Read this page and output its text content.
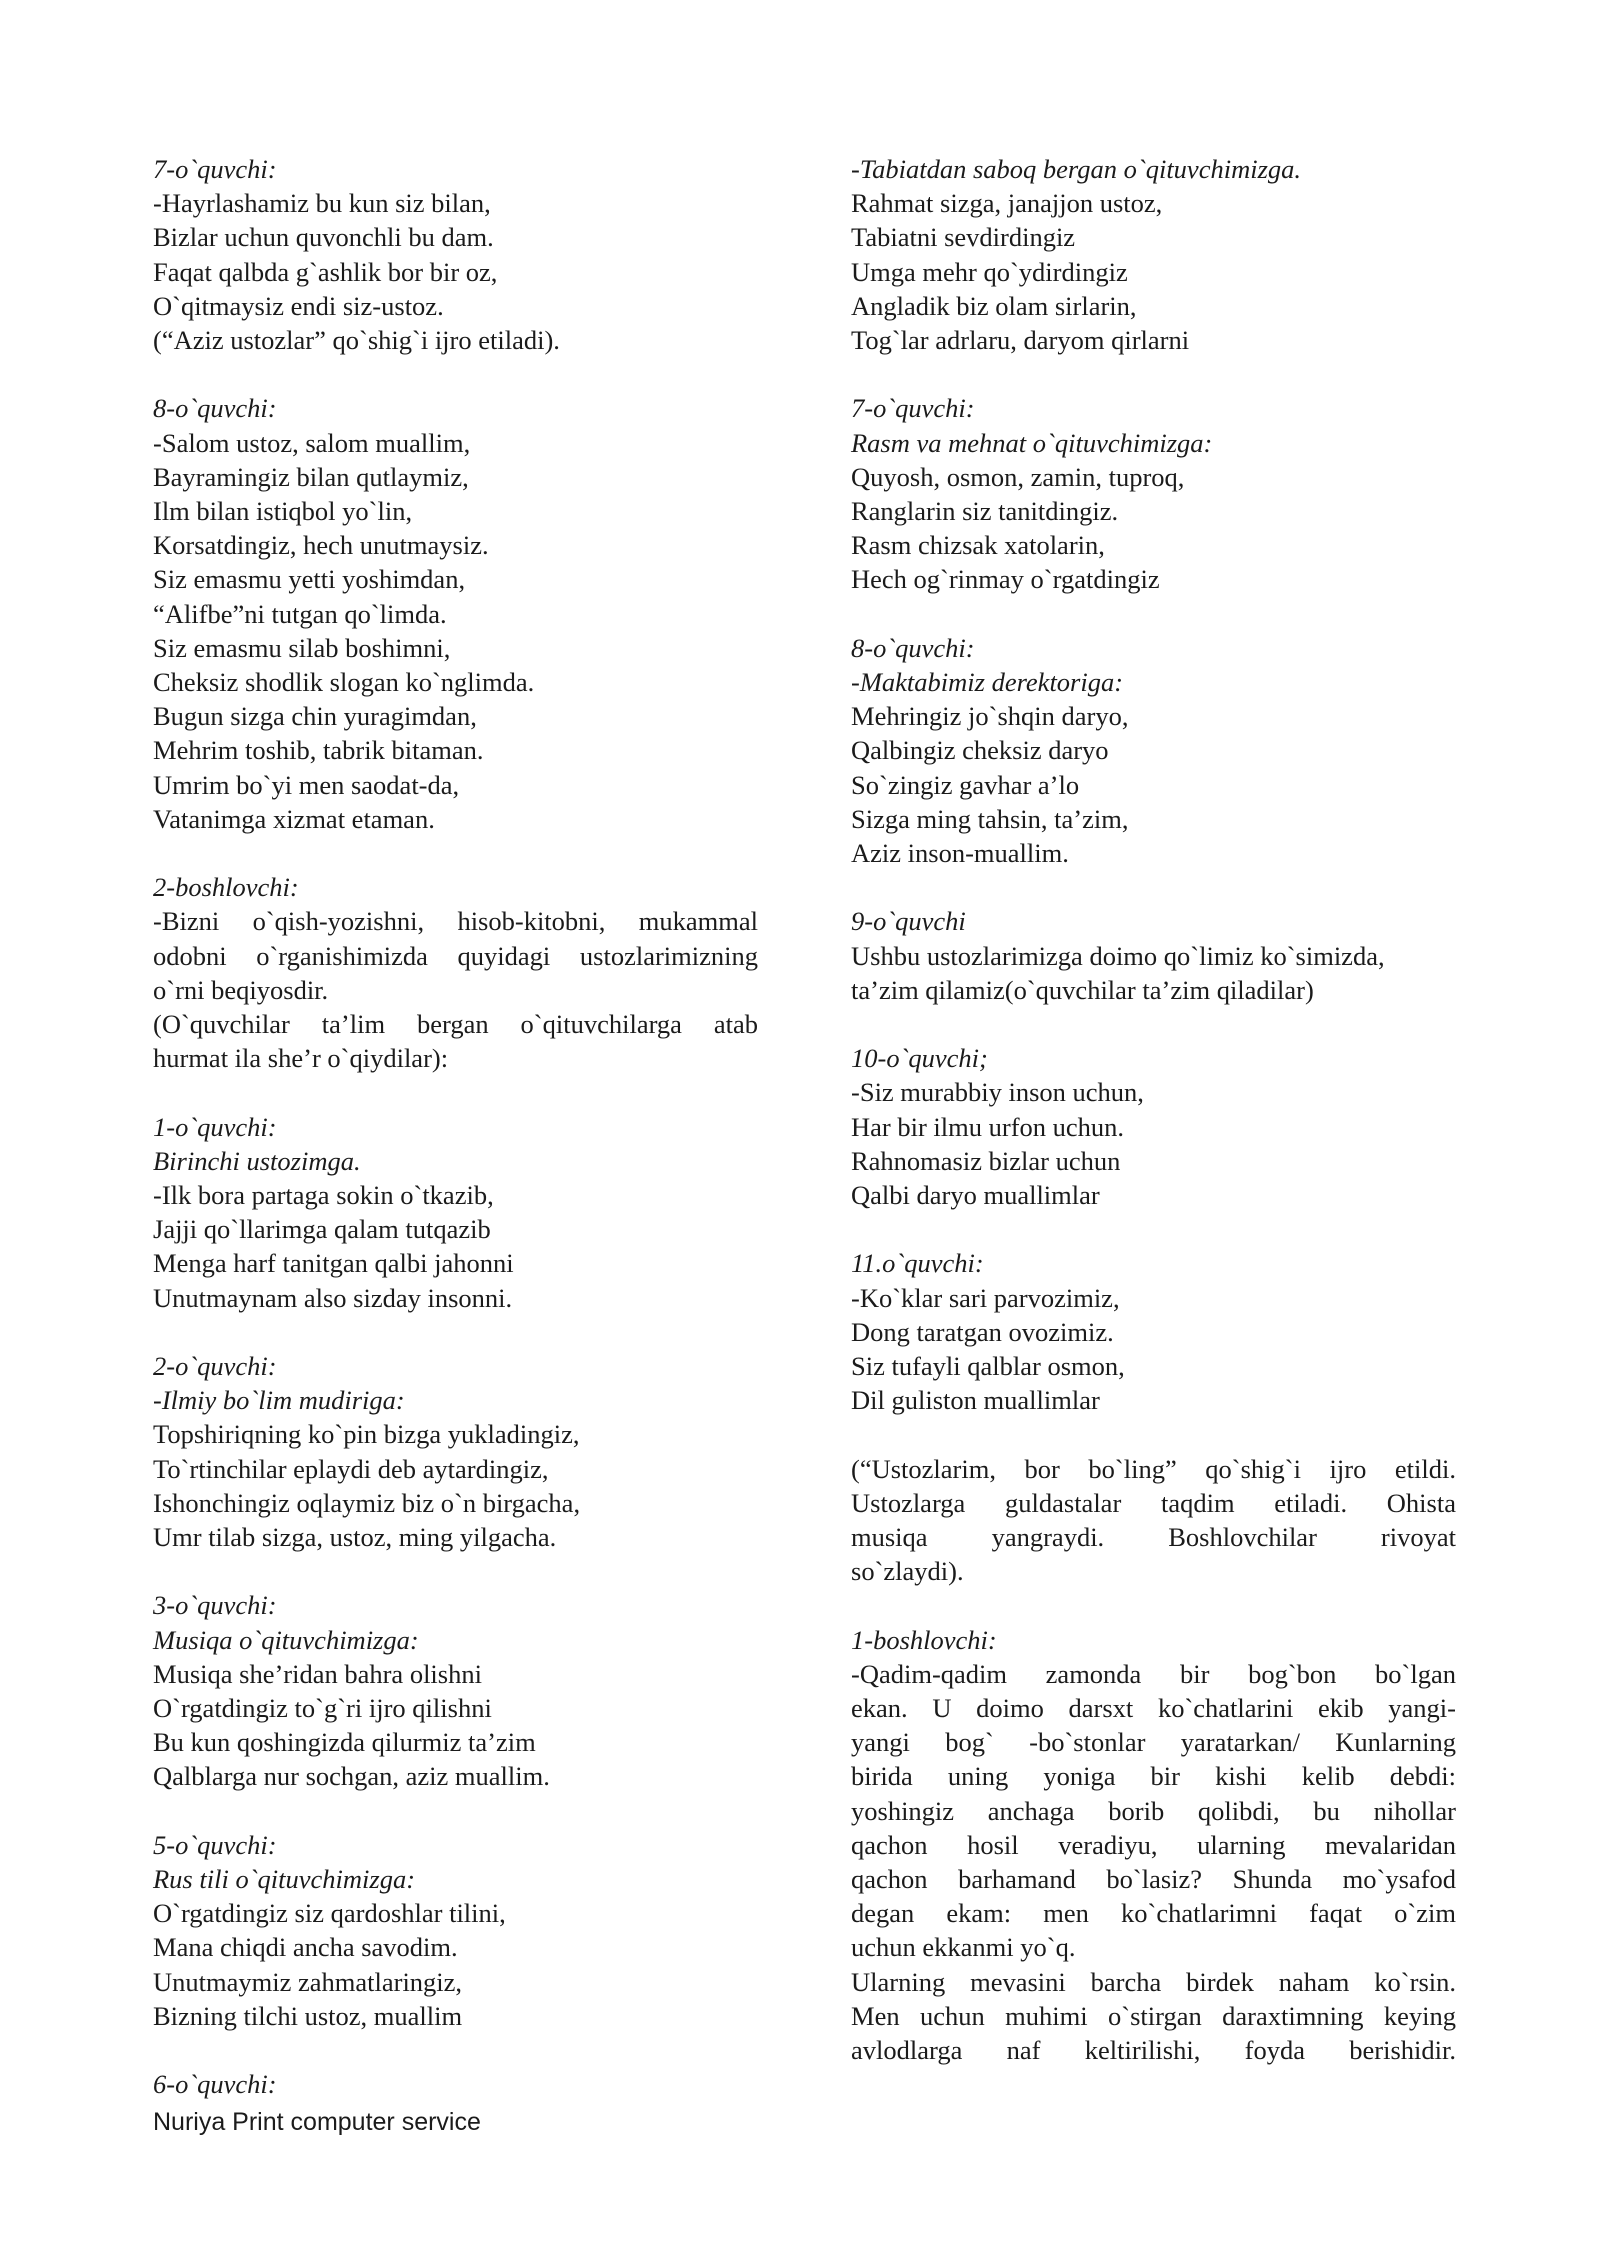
7-o`quvchi:
-Hayrlashamiz bu kun siz bilan,
Bizlar uchun quvonchli bu dam.
Faqat qalbda g`ashlik bor bir oz,
O`qitmaysiz endi siz-ustoz.
(“Aziz ustozlar” qo`shig`i ijro etiladi).
8-o`quvchi:
-Salom ustoz, salom muallim,
Bayramingiz bilan qutlaymiz,
Ilm bilan istiqbol yo`lin,
Korsatdingiz, hech unutmaysiz.
Siz emasmu yetti yoshimdan,
“Alifbe”ni tutgan qo`limda.
Siz emasmu silab boshimni,
Cheksiz shodlik slogan ko`nglimda.
Bugun sizga chin yuragimdan,
Mehrim toshib, tabrik bitaman.
Umrim bo`yi men saodat-da,
Vatanimga xizmat etaman.
2-boshlovchi:
-Bizni o`qish-yozishni, hisob-kitobni, mukammal
odobni o`rganishimizda quyidagi ustozlarimizning
o`rni beqiyosdir.
(O`quvchilar ta’lim bergan o`qituvchilarga atab
hurmat ila she’r o`qiydilar):
1-o`quvchi:
Birinchi ustozimga.
-Ilk bora partaga sokin o`tkazib,
Jajji qo`llarimga qalam tutqazib
Menga harf tanitgan qalbi jahonni
Unutmaynam also sizday insonni.
2-o`quvchi:
-Ilmiy bo`lim mudiriga:
Topshiriqning ko`pin bizga yukladingiz,
To`rtinchilar eplaydi deb aytardingiz,
Ishonchingiz oqlaymiz biz o`n birgacha,
Umr tilab sizga, ustoz, ming yilgacha.
3-o`quvchi:
Musiqa o`qituvchimizga:
Musiqa she’ridan bahra olishni
O`rgatdingiz to`g`ri ijro qilishni
Bu kun qoshingizda qilurmiz ta’zim
Qalblarga nur sochgan, aziz muallim.
5-o`quvchi:
Rus tili o`qituvchimizga:
O`rgatdingiz siz qardoshlar tilini,
Mana chiqdi ancha savodim.
Unutmaymiz zahmatlaringiz,
Bizning tilchi ustoz, muallim
6-o`quvchi:
-Tabiatdan saboq bergan o`qituvchimizga.
Rahmat sizga, janajjon ustoz,
Tabiatni sevdirdingiz
Umga mehr qo`ydirdingiz
Angladik biz olam sirlarin,
Tog`lar adrlaru, daryom qirlarni
7-o`quvchi:
Rasm va mehnat o`qituvchimizga:
Quyosh, osmon, zamin, tuproq,
Ranglarin siz tanitdingiz.
Rasm chizsak xatolarin,
Hech og`rinmay o`rgatdingiz
8-o`quvchi:
-Maktabimiz derektoriga:
Mehringiz jo`shqin daryo,
Qalbingiz cheksiz daryo
So`zingiz gavhar a’lo
Sizga ming tahsin, ta’zim,
Aziz inson-muallim.
9-o`quvchi
Ushbu ustozlarimizga doimo qo`limiz ko`simizda,
ta’zim qilamiz(o`quvchilar ta’zim qiladilar)
10-o`quvchi;
-Siz murabbiy inson uchun,
Har bir ilmu urfon uchun.
Rahnomasiz bizlar uchun
Qalbi daryo muallimlar
11.o`quvchi:
-Ko`klar sari parvozimiz,
Dong taratgan ovozimiz.
Siz tufayli qalblar osmon,
Dil guliston muallimlar
(“Ustozlarim, bor bo`ling” qo`shig`i ijro etildi.
Ustozlarga guldastalar taqdim etiladi. Ohista
musiqa yangraydi. Boshlovchilar rivoyat
so`zlaydi).
1-boshlovchi:
-Qadim-qadim zamonda bir bog`bon bo`lgan
ekan. U doimo darsxt ko`chatlarini ekib yangi-
yangi bog` -bo`stonlar yaratarkan/ Kunlarning
birida uning yoniga bir kishi kelib debdi:
yoshingiz anchaga borib qolibdi, bu nihollar
qachon hosil veradiyu, ularning mevalaridan
qachon barhamand bo`lasiz? Shunda mo`ysafod
degan ekam: men ko`chatlarimni faqat o`zim
uchun ekkanmi yo`q.
Ularning mevasini barcha birdek naham ko`rsin.
Men uchun muhimi o`stirgan daraxtimning keying
avlodlarga naf keltirilishi, foyda berishidir.
Nuriya Print computer service
